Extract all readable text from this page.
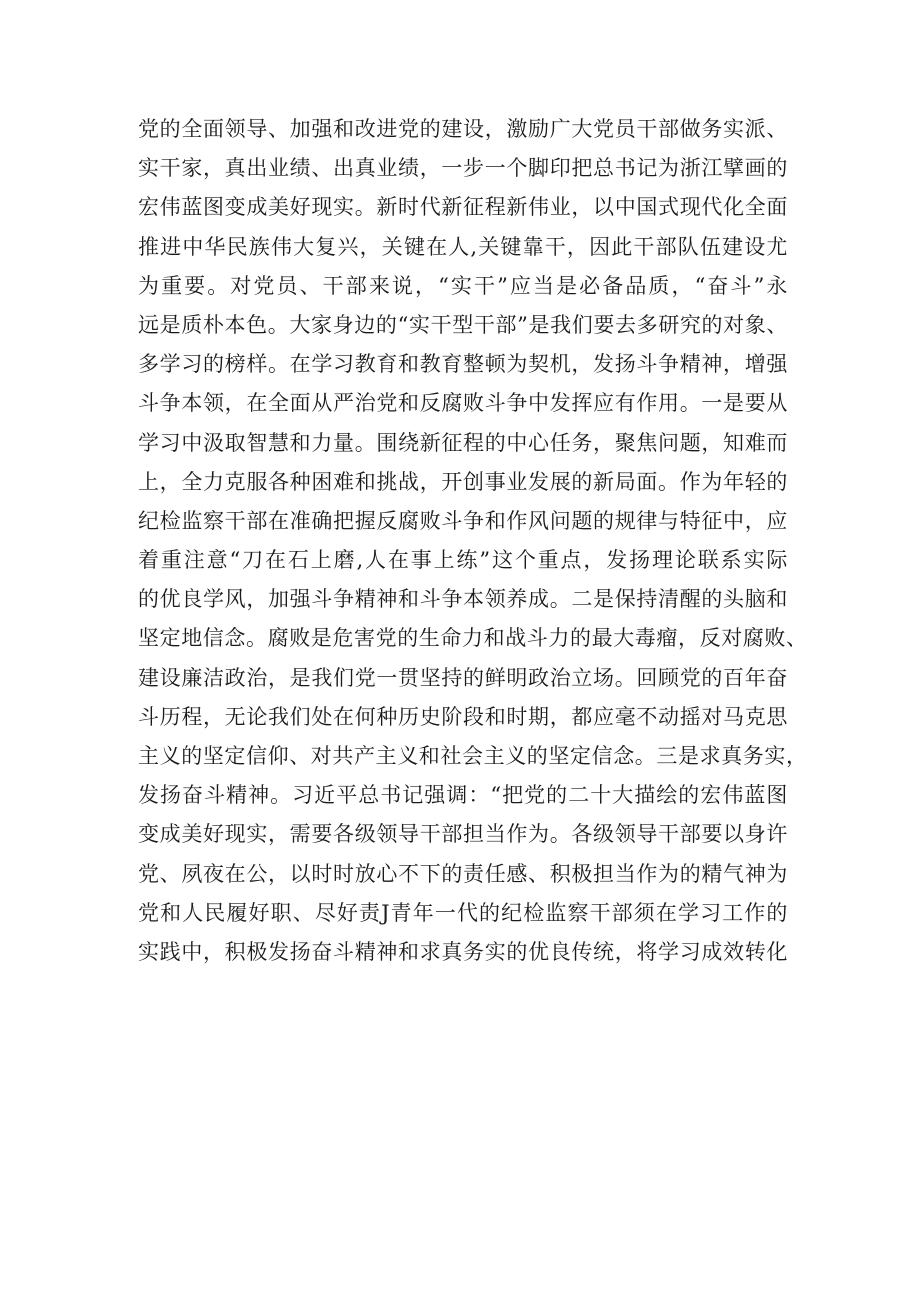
党的全面领导、加强和改进党的建设，激励广大党员干部做务实派、
实干家，真出业绩、出真业绩，一步一个脚印把总书记为浙江擘画的
宏伟蓝图变成美好现实。新时代新征程新伟业，以中国式现代化全面
推进中华民族伟大复兴，关键在人,关键靠干，因此干部队伍建设尤
为重要。对党员、干部来说，“实干”应当是必备品质，“奋斗”永
远是质朴本色。大家身边的“实干型干部”是我们要去多研究的对象、
多学习的榜样。在学习教育和教育整顿为契机，发扬斗争精神，增强
斗争本领，在全面从严治党和反腐败斗争中发挥应有作用。一是要从
学习中汲取智慧和力量。围绕新征程的中心任务，聚焦问题，知难而
上，全力克服各种困难和挑战，开创事业发展的新局面。作为年轻的
纪检监察干部在准确把握反腐败斗争和作风问题的规律与特征中，应
着重注意“刀在石上磨,人在事上练”这个重点，发扬理论联系实际
的优良学风，加强斗争精神和斗争本领养成。二是保持清醒的头脑和
坚定地信念。腐败是危害党的生命力和战斗力的最大毒瘤，反对腐败、
建设廉洁政治，是我们党一贯坚持的鲜明政治立场。回顾党的百年奋
斗历程，无论我们处在何种历史阶段和时期，都应毫不动摇对马克思
主义的坚定信仰、对共产主义和社会主义的坚定信念。三是求真务实，
发扬奋斗精神。习近平总书记强调：“把党的二十大描绘的宏伟蓝图
变成美好现实，需要各级领导干部担当作为。各级领导干部要以身许
党、夙夜在公，以时时放心不下的责任感、积极担当作为的精气神为
党和人民履好职、尽好责J青年一代的纪检监察干部须在学习工作的
实践中，积极发扬奋斗精神和求真务实的优良传统，将学习成效转化
